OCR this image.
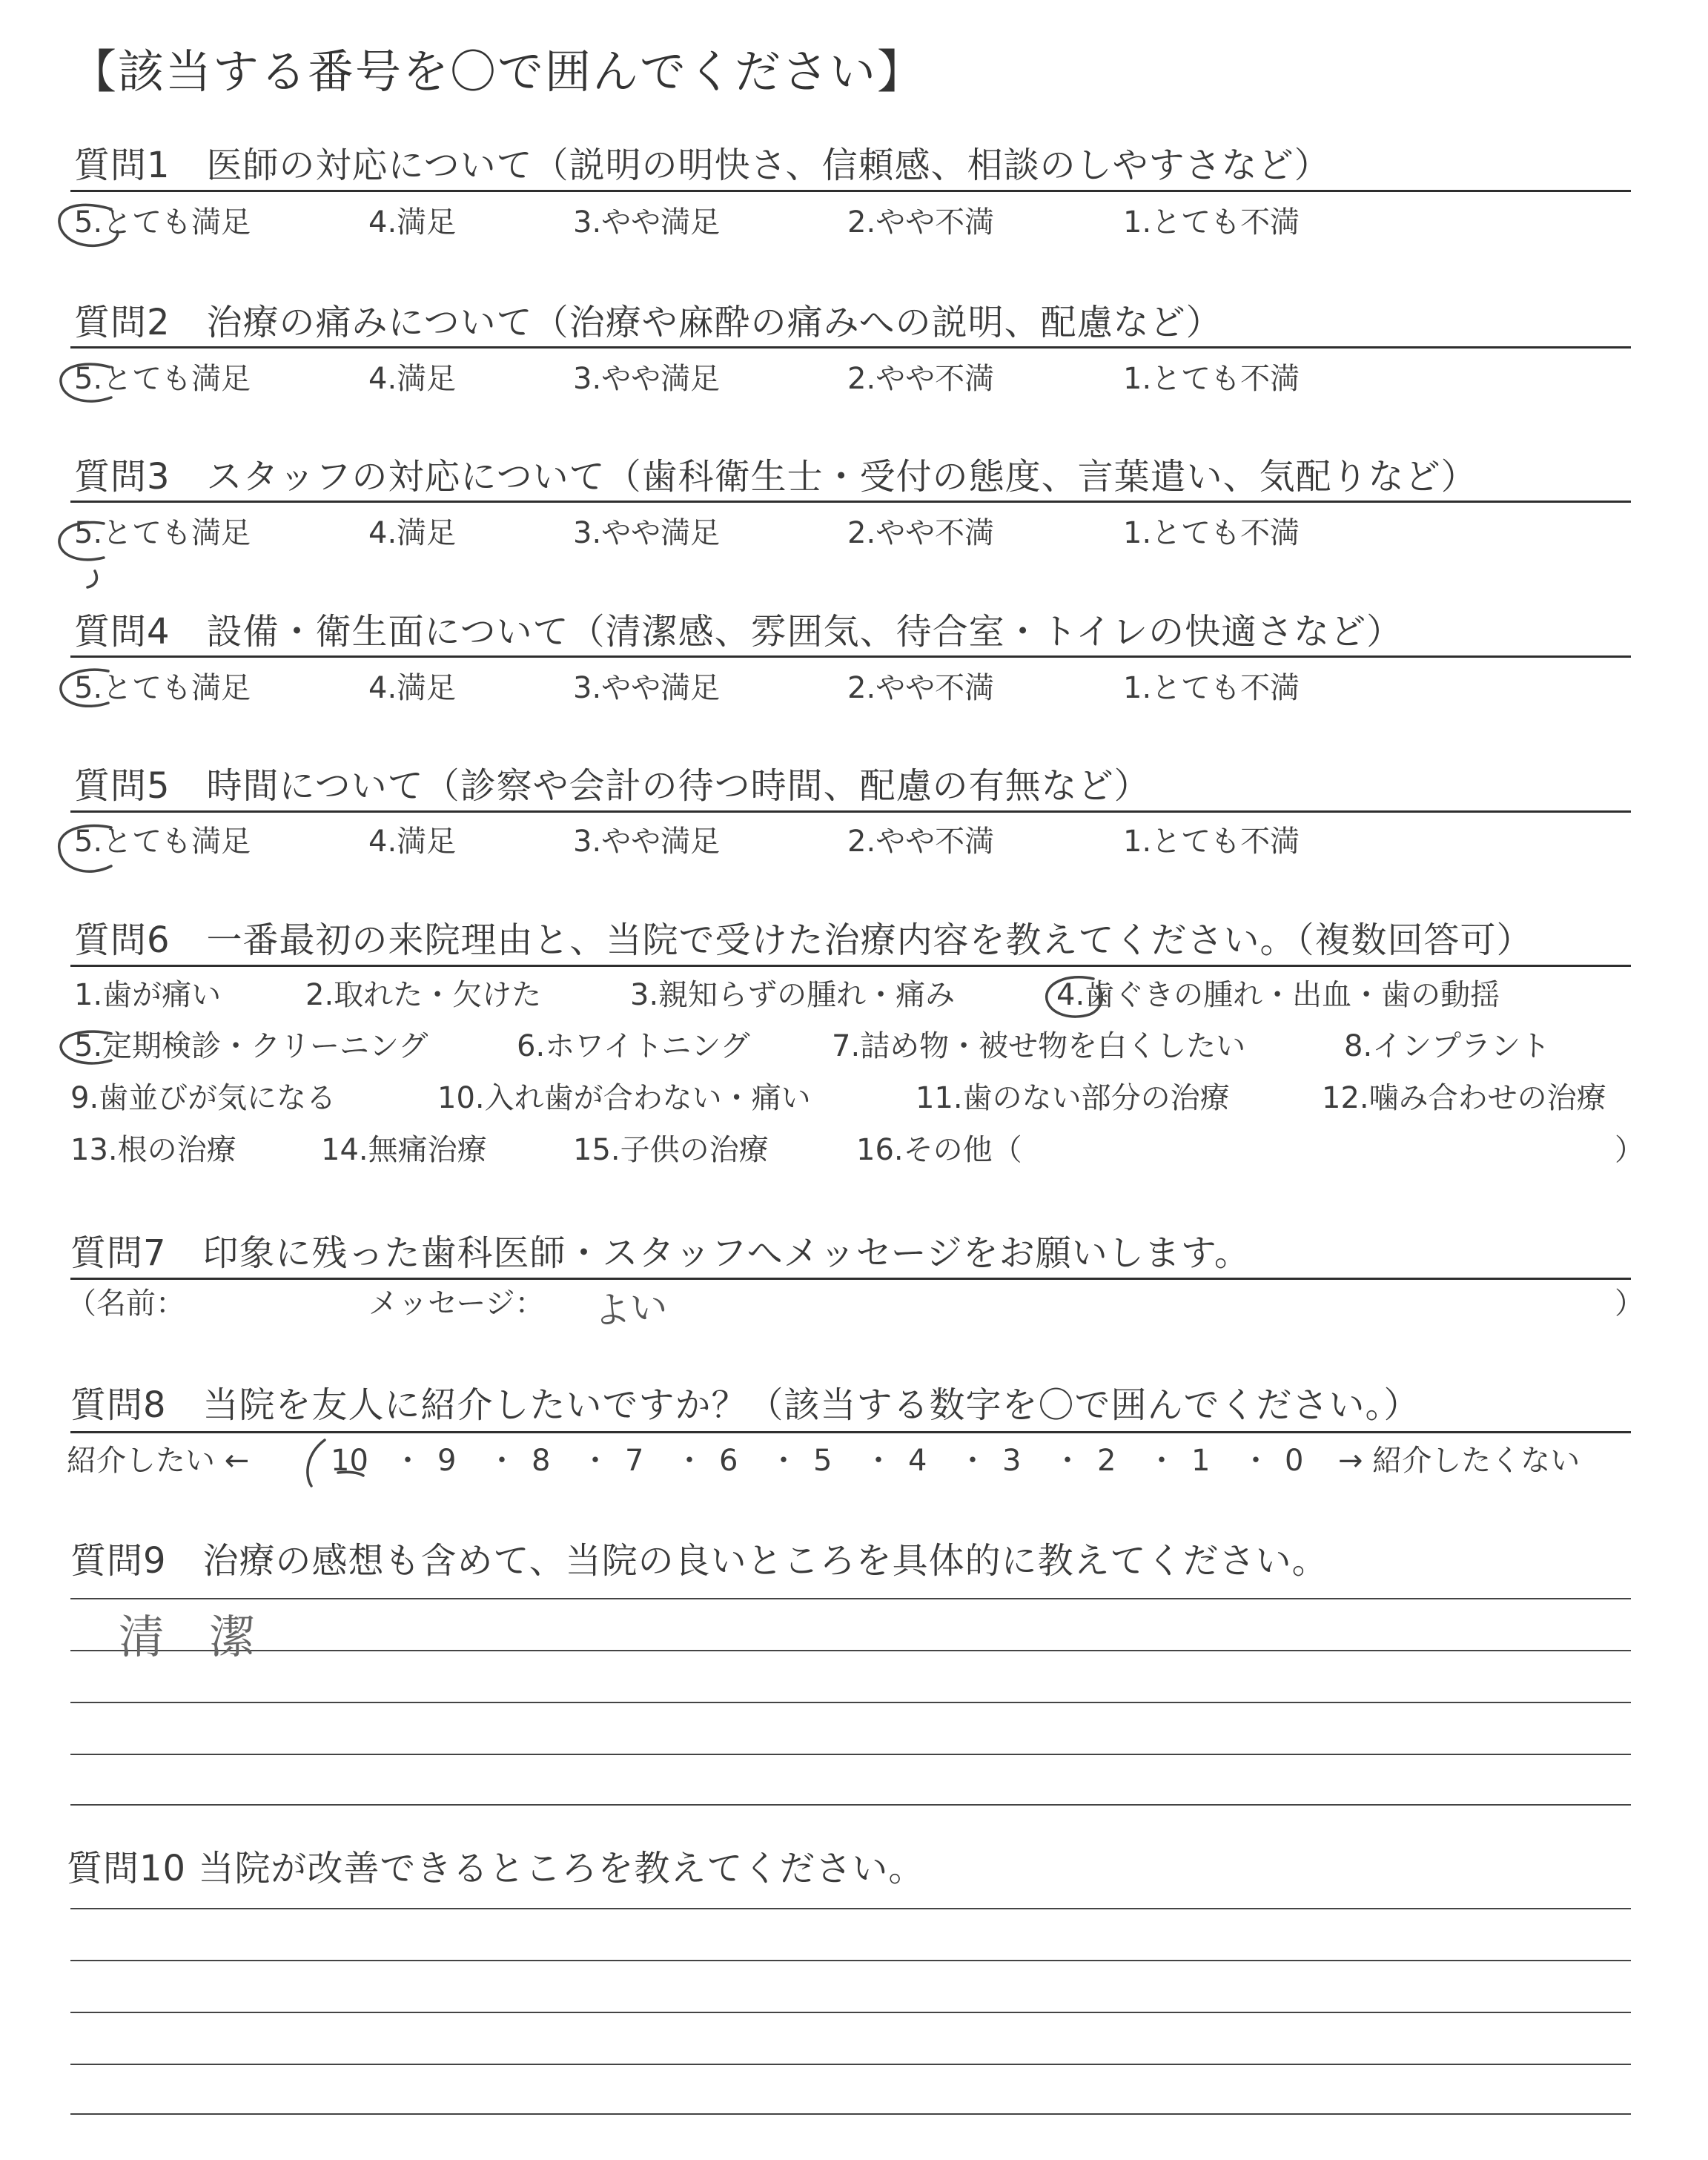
【該当する番号を〇で囲んでください】
質問1　医師の対応について（説明の明快さ、信頼感、相談のしやすさなど）
5.とても満足	4.満足	3.やや満足	2.やや不満	1.とても不満
質問2　治療の痛みについて（治療や麻酔の痛みへの説明、配慮など）
5.とても満足	4.満足	3.やや満足	2.やや不満	1.とても不満
質問3　スタッフの対応について（歯科衛生士・受付の態度、言葉遣い、気配りなど）
5.とても満足	4.満足	3.やや満足	2.やや不満	1.とても不満
質問4　設備・衛生面について（清潔感、雰囲気、待合室・トイレの快適さなど）
5.とても満足	4.満足	3.やや満足	2.やや不満	1.とても不満
質問5　時間について（診察や会計の待つ時間、配慮の有無など）
5.とても満足	4.満足	3.やや満足	2.やや不満	1.とても不満
質問6　一番最初の来院理由と、当院で受けた治療内容を教えてください。（複数回答可）
1.歯が痛い	2.取れた・欠けた	3.親知らずの腫れ・痛み	4.歯ぐきの腫れ・出血・歯の動揺
5.定期検診・クリーニング	6.ホワイトニング	7.詰め物・被せ物を白くしたい	8.インプラント
9.歯並びが気になる	10.入れ歯が合わない・痛い	11.歯のない部分の治療	12.噛み合わせの治療
13.根の治療	14.無痛治療	15.子供の治療	16.その他（	）
質問7　印象に残った歯科医師・スタッフへメッセージをお願いします。
（名前：	メッセージ：	）
よい
質問8　当院を友人に紹介したいですか？（該当する数字を〇で囲んでください。）
紹介したい ←	10 ・ 9 ・ 8 ・ 7 ・ 6 ・ 5 ・ 4 ・ 3 ・ 2 ・ 1 ・ 0 → 紹介したくない
質問9　治療の感想も含めて、当院の良いところを具体的に教えてください。
清潔
質問10 当院が改善できるところを教えてください。
